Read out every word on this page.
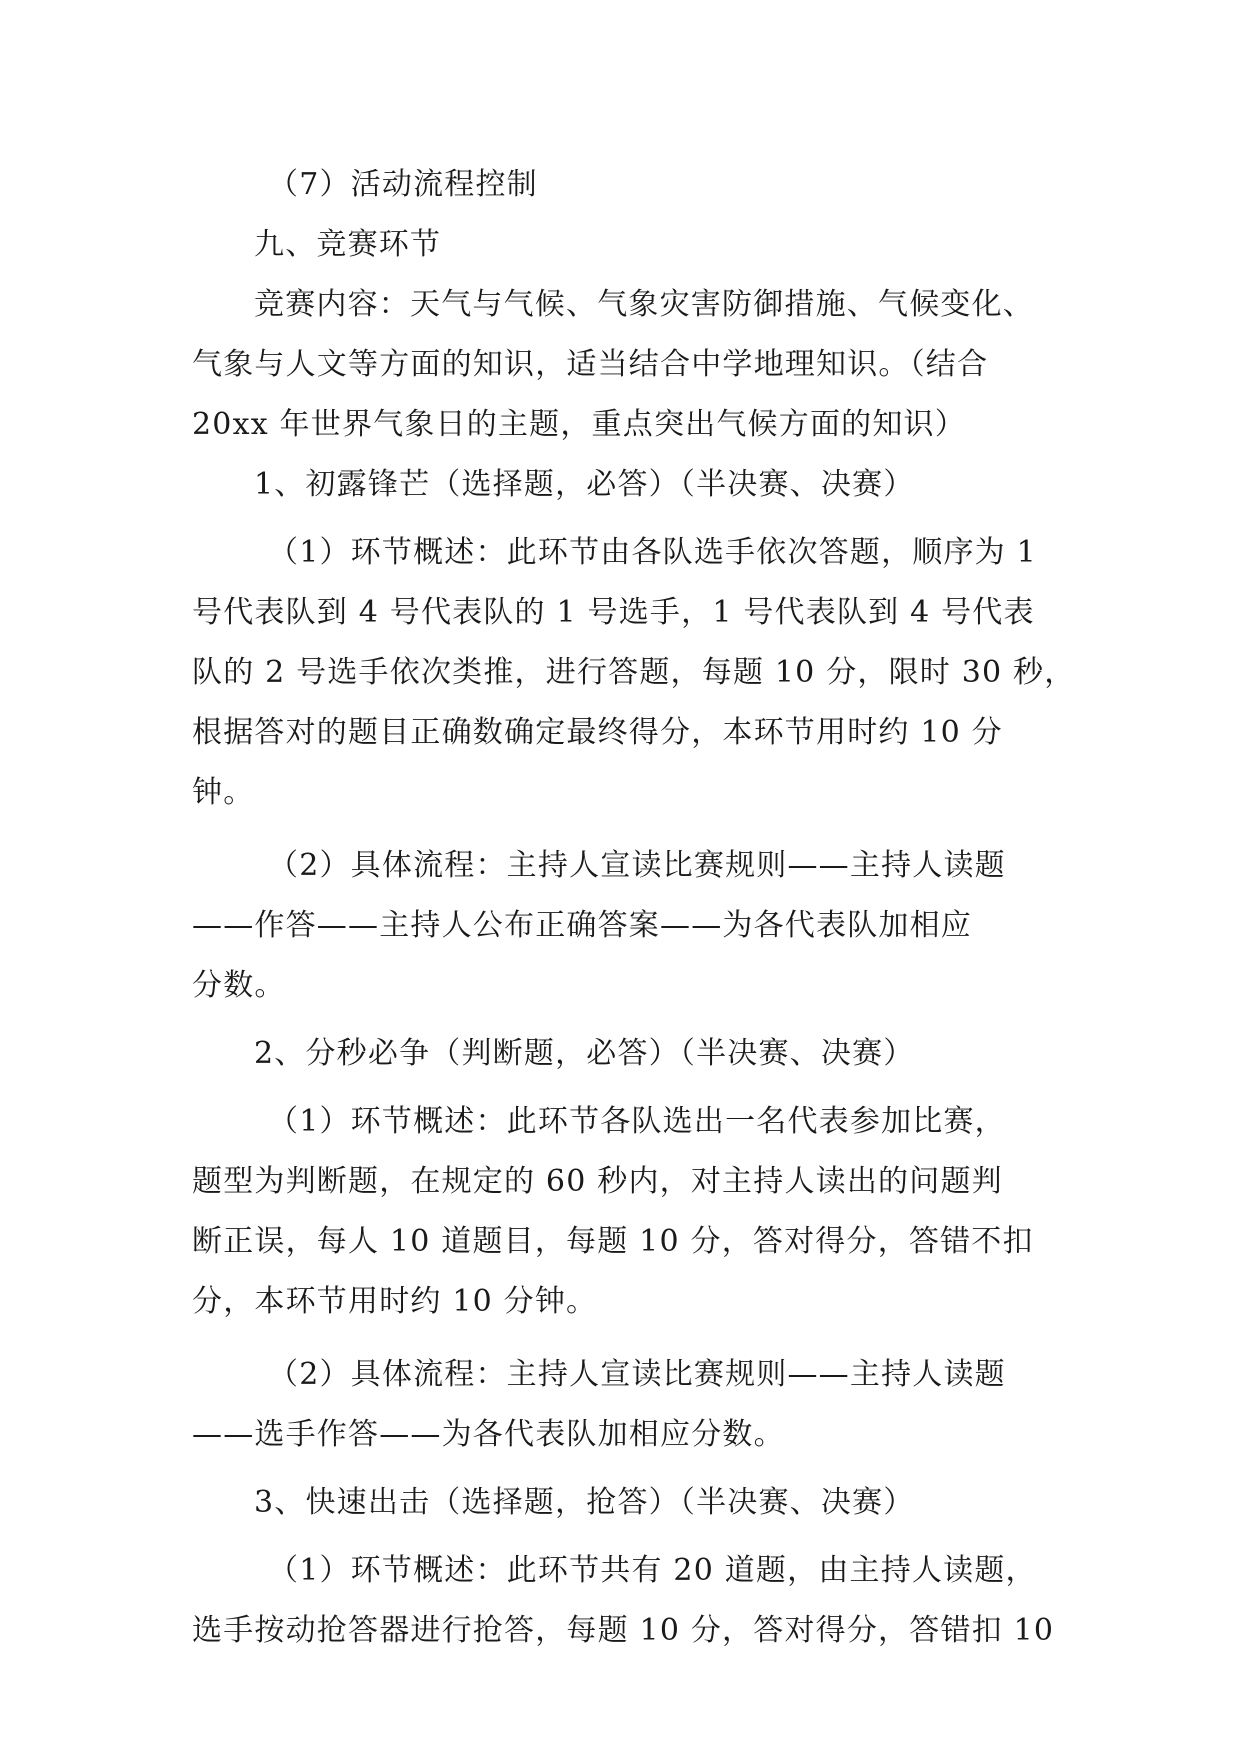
（7）活动流程控制

九、竞赛环节

竞赛内容：天气与气候、气象灾害防御措施、气候变化、

气象与人文等方面的知识，适当结合中学地理知识。（结合

20xx 年世界气象日的主题，重点突出气候方面的知识）

1、初露锋芒（选择题，必答）（半决赛、决赛）

（1）环节概述：此环节由各队选手依次答题，顺序为 1

号代表队到 4 号代表队的 1 号选手，1 号代表队到 4 号代表

队的 2 号选手依次类推，进行答题，每题 10 分，限时 30 秒，

根据答对的题目正确数确定最终得分，本环节用时约 10 分

钟。

（2）具体流程：主持人宣读比赛规则——主持人读题

——作答——主持人公布正确答案——为各代表队加相应

分数。

2、分秒必争（判断题，必答）（半决赛、决赛）

（1）环节概述：此环节各队选出一名代表参加比赛，

题型为判断题，在规定的 60 秒内，对主持人读出的问题判

断正误，每人 10 道题目，每题 10 分，答对得分，答错不扣

分，本环节用时约 10 分钟。

（2）具体流程：主持人宣读比赛规则——主持人读题

——选手作答——为各代表队加相应分数。

3、快速出击（选择题，抢答）（半决赛、决赛）

（1）环节概述：此环节共有 20 道题，由主持人读题，

选手按动抢答器进行抢答，每题 10 分，答对得分，答错扣 10
